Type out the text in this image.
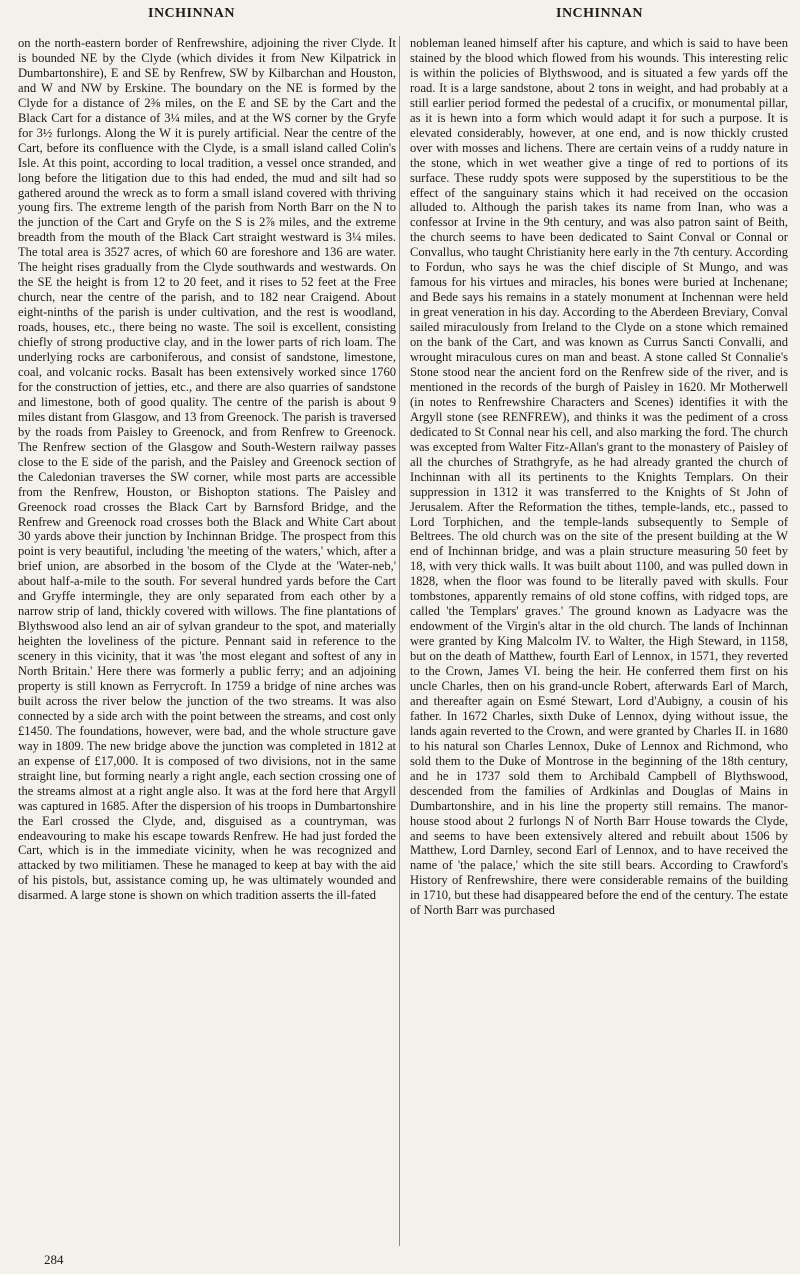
INCHINNAN	INCHINNAN

on the north-eastern border of Renfrewshire, adjoining the river Clyde. It is bounded NE by the Clyde (which divides it from New Kilpatrick in Dumbartonshire), E and SE by Renfrew, SW by Kilbarchan and Houston, and W and NW by Erskine. The boundary on the NE is formed by the Clyde for a distance of 2⅜ miles, on the E and SE by the Cart and the Black Cart for a distance of 3¼ miles, and at the WS corner by the Gryfe for 3½ furlongs. Along the W it is purely artificial. Near the centre of the Cart, before its confluence with the Clyde, is a small island called Colin's Isle. At this point, according to local tradition, a vessel once stranded, and long before the litigation due to this had ended, the mud and silt had so gathered around the wreck as to form a small island covered with thriving young firs. The extreme length of the parish from North Barr on the N to the junction of the Cart and Gryfe on the S is 2⅞ miles, and the extreme breadth from the mouth of the Black Cart straight westward is 3¼ miles. The total area is 3527 acres, of which 60 are foreshore and 136 are water. The height rises gradually from the Clyde southwards and westwards. On the SE the height is from 12 to 20 feet, and it rises to 52 feet at the Free church, near the centre of the parish, and to 182 near Craigend. About eight-ninths of the parish is under cultivation, and the rest is woodland, roads, houses, etc., there being no waste. The soil is excellent, consisting chiefly of strong productive clay, and in the lower parts of rich loam. The underlying rocks are carboniferous, and consist of sandstone, limestone, coal, and volcanic rocks. Basalt has been extensively worked since 1760 for the construction of jetties, etc., and there are also quarries of sandstone and limestone, both of good quality. The centre of the parish is about 9 miles distant from Glasgow, and 13 from Greenock. The parish is traversed by the roads from Paisley to Greenock, and from Renfrew to Greenock. The Renfrew section of the Glasgow and South-Western railway passes close to the E side of the parish, and the Paisley and Greenock section of the Caledonian traverses the SW corner, while most parts are accessible from the Renfrew, Houston, or Bishopton stations. The Paisley and Greenock road crosses the Black Cart by Barnsford Bridge, and the Renfrew and Greenock road crosses both the Black and White Cart about 30 yards above their junction by Inchinnan Bridge. The prospect from this point is very beautiful, including 'the meeting of the waters,' which, after a brief union, are absorbed in the bosom of the Clyde at the 'Water-neb,' about half-a-mile to the south. For several hundred yards before the Cart and Gryffe intermingle, they are only separated from each other by a narrow strip of land, thickly covered with willows. The fine plantations of Blythswood also lend an air of sylvan grandeur to the spot, and materially heighten the loveliness of the picture. Pennant said in reference to the scenery in this vicinity, that it was 'the most elegant and softest of any in North Britain.' Here there was formerly a public ferry; and an adjoining property is still known as Ferrycroft. In 1759 a bridge of nine arches was built across the river below the junction of the two streams. It was also connected by a side arch with the point between the streams, and cost only £1450. The foundations, however, were bad, and the whole structure gave way in 1809. The new bridge above the junction was completed in 1812 at an expense of £17,000. It is composed of two divisions, not in the same straight line, but forming nearly a right angle, each section crossing one of the streams almost at a right angle also. It was at the ford here that Argyll was captured in 1685. After the dispersion of his troops in Dumbartonshire the Earl crossed the Clyde, and, disguised as a countryman, was endeavouring to make his escape towards Renfrew. He had just forded the Cart, which is in the immediate vicinity, when he was recognized and attacked by two militiamen. These he managed to keep at bay with the aid of his pistols, but, assistance coming up, he was ultimately wounded and disarmed. A large stone is shown on which tradition asserts the ill-fated

nobleman leaned himself after his capture, and which is said to have been stained by the blood which flowed from his wounds. This interesting relic is within the policies of Blythswood, and is situated a few yards off the road. It is a large sandstone, about 2 tons in weight, and had probably at a still earlier period formed the pedestal of a crucifix, or monumental pillar, as it is hewn into a form which would adapt it for such a purpose. It is elevated considerably, however, at one end, and is now thickly crusted over with mosses and lichens. There are certain veins of a ruddy nature in the stone, which in wet weather give a tinge of red to portions of its surface. These ruddy spots were supposed by the superstitious to be the effect of the sanguinary stains which it had received on the occasion alluded to. Although the parish takes its name from Inan, who was a confessor at Irvine in the 9th century, and was also patron saint of Beith, the church seems to have been dedicated to Saint Conval or Connal or Convallus, who taught Christianity here early in the 7th century. According to Fordun, who says he was the chief disciple of St Mungo, and was famous for his virtues and miracles, his bones were buried at Inchenane; and Bede says his remains in a stately monument at Inchennan were held in great veneration in his day. According to the Aberdeen Breviary, Conval sailed miraculously from Ireland to the Clyde on a stone which remained on the bank of the Cart, and was known as Currus Sancti Convalli, and wrought miraculous cures on man and beast. A stone called St Connalie's Stone stood near the ancient ford on the Renfrew side of the river, and is mentioned in the records of the burgh of Paisley in 1620. Mr Motherwell (in notes to Renfrewshire Characters and Scenes) identifies it with the Argyll stone (see RENFREW), and thinks it was the pediment of a cross dedicated to St Connal near his cell, and also marking the ford. The church was excepted from Walter Fitz-Allan's grant to the monastery of Paisley of all the churches of Strathgryfe, as he had already granted the church of Inchinnan with all its pertinents to the Knights Templars. On their suppression in 1312 it was transferred to the Knights of St John of Jerusalem. After the Reformation the tithes, temple-lands, etc., passed to Lord Torphichen, and the temple-lands subsequently to Semple of Beltrees. The old church was on the site of the present building at the W end of Inchinnan bridge, and was a plain structure measuring 50 feet by 18, with very thick walls. It was built about 1100, and was pulled down in 1828, when the floor was found to be literally paved with skulls. Four tombstones, apparently remains of old stone coffins, with ridged tops, are called 'the Templars' graves.' The ground known as Ladyacre was the endowment of the Virgin's altar in the old church. The lands of Inchinnan were granted by King Malcolm IV. to Walter, the High Steward, in 1158, but on the death of Matthew, fourth Earl of Lennox, in 1571, they reverted to the Crown, James VI. being the heir. He conferred them first on his uncle Charles, then on his grand-uncle Robert, afterwards Earl of March, and thereafter again on Esmé Stewart, Lord d'Aubigny, a cousin of his father. In 1672 Charles, sixth Duke of Lennox, dying without issue, the lands again reverted to the Crown, and were granted by Charles II. in 1680 to his natural son Charles Lennox, Duke of Lennox and Richmond, who sold them to the Duke of Montrose in the beginning of the 18th century, and he in 1737 sold them to Archibald Campbell of Blythswood, descended from the families of Ardkinlas and Douglas of Mains in Dumbartonshire, and in his line the property still remains. The manor-house stood about 2 furlongs N of North Barr House towards the Clyde, and seems to have been extensively altered and rebuilt about 1506 by Matthew, Lord Darnley, second Earl of Lennox, and to have received the name of 'the palace,' which the site still bears. According to Crawford's History of Renfrewshire, there were considerable remains of the building in 1710, but these had disappeared before the end of the century. The estate of North Barr was purchased

284
